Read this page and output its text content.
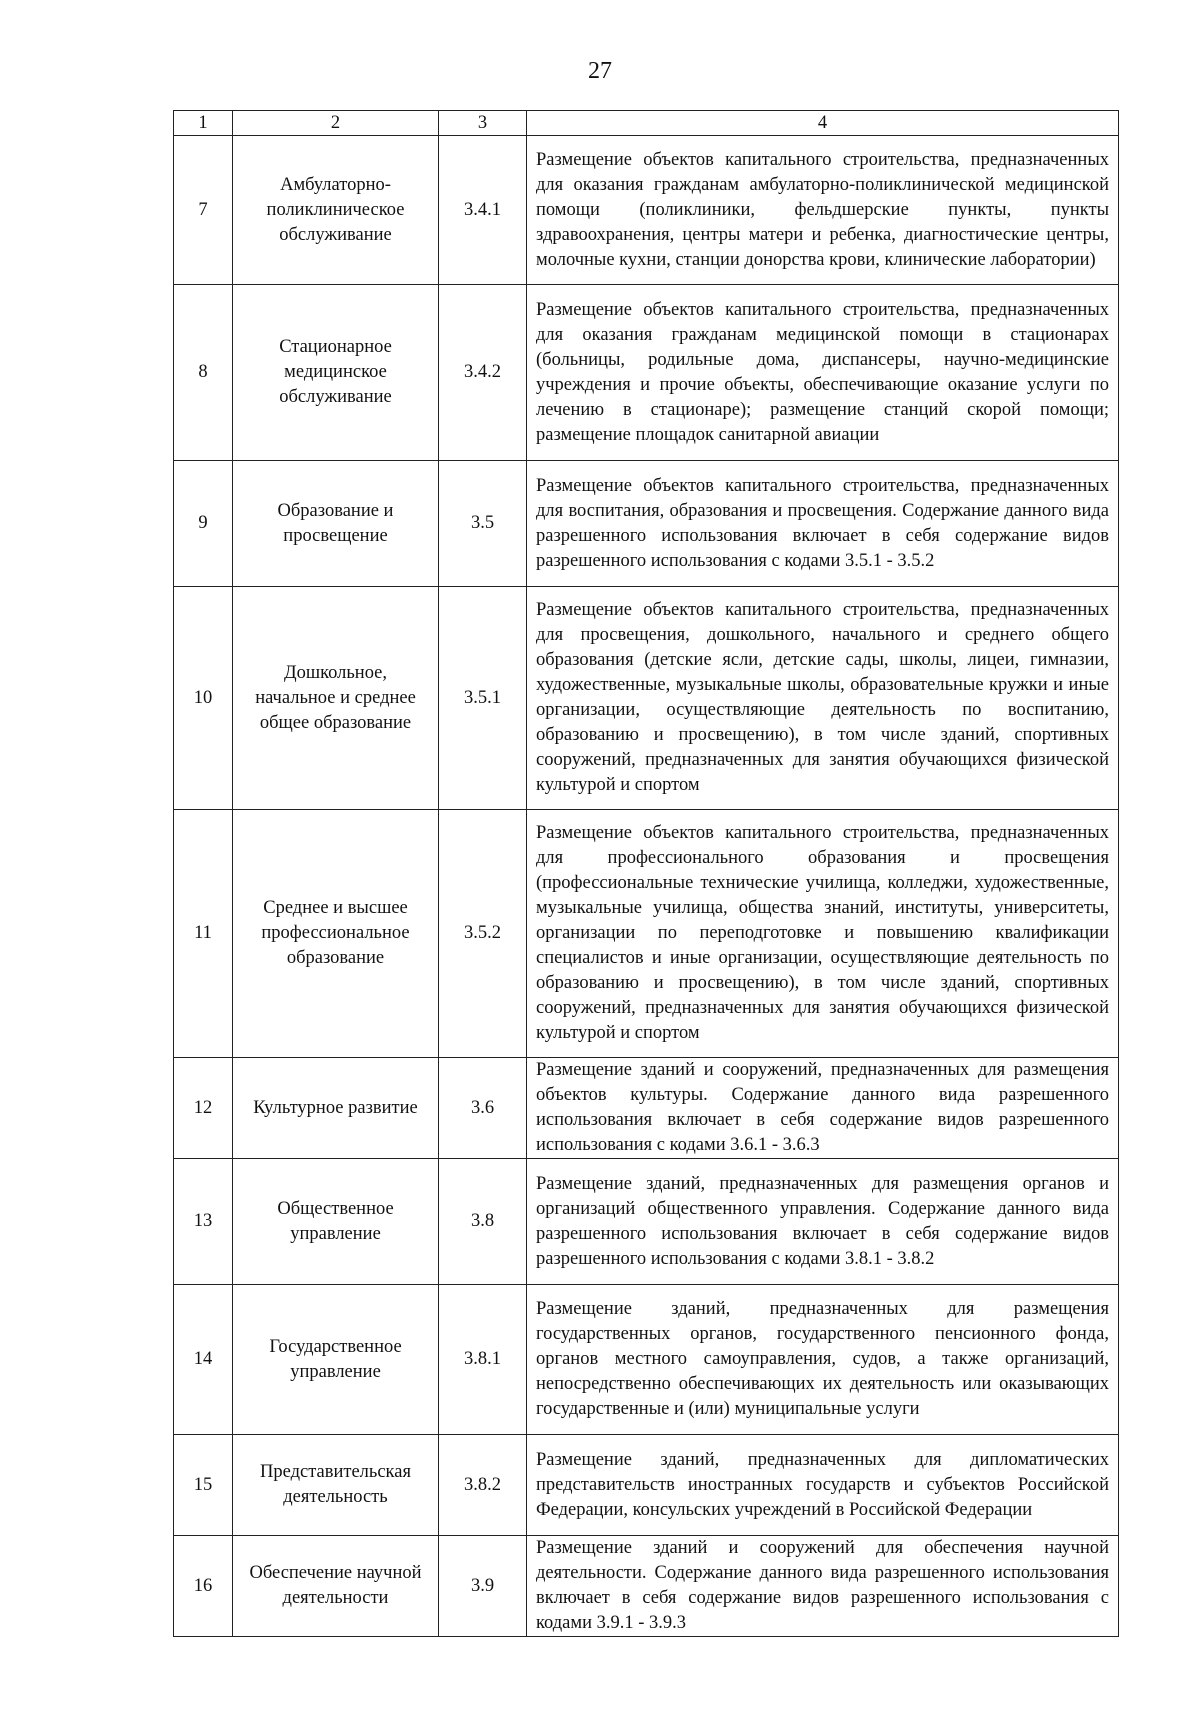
27
1	2	3	4
7	Амбулаторно-поликлиническое обслуживание	3.4.1	Размещение объектов капитального строительства, предназначенных для оказания гражданам амбулаторно-поликлинической медицинской помощи (поликлиники, фельдшерские пункты, пункты здравоохранения, центры матери и ребенка, диагностические центры, молочные кухни, станции донорства крови, клинические лаборатории)
8	Стационарное медицинское обслуживание	3.4.2	Размещение объектов капитального строительства, предназначенных для оказания гражданам медицинской помощи в стационарах (больницы, родильные дома, диспансеры, научно-медицинские учреждения и прочие объекты, обеспечивающие оказание услуги по лечению в стационаре); размещение станций скорой помощи; размещение площадок санитарной авиации
9	Образование и просвещение	3.5	Размещение объектов капитального строительства, предназначенных для воспитания, образования и просвещения. Содержание данного вида разрешенного использования включает в себя содержание видов разрешенного использования с кодами 3.5.1 - 3.5.2
10	Дошкольное, начальное и среднее общее образование	3.5.1	Размещение объектов капитального строительства, предназначенных для просвещения, дошкольного, начального и среднего общего образования (детские ясли, детские сады, школы, лицеи, гимназии, художественные, музыкальные школы, образовательные кружки и иные организации, осуществляющие деятельность по воспитанию, образованию и просвещению), в том числе зданий, спортивных сооружений, предназначенных для занятия обучающихся физической культурой и спортом
11	Среднее и высшее профессиональное образование	3.5.2	Размещение объектов капитального строительства, предназначенных для профессионального образования и просвещения (профессиональные технические училища, колледжи, художественные, музыкальные училища, общества знаний, институты, университеты, организации по переподготовке и повышению квалификации специалистов и иные организации, осуществляющие деятельность по образованию и просвещению), в том числе зданий, спортивных сооружений, предназначенных для занятия обучающихся физической культурой и спортом
12	Культурное развитие	3.6	Размещение зданий и сооружений, предназначенных для размещения объектов культуры. Содержание данного вида разрешенного использования включает в себя содержание видов разрешенного использования с кодами 3.6.1 - 3.6.3
13	Общественное управление	3.8	Размещение зданий, предназначенных для размещения органов и организаций общественного управления. Содержание данного вида разрешенного использования включает в себя содержание видов разрешенного использования с кодами 3.8.1 - 3.8.2
14	Государственное управление	3.8.1	Размещение зданий, предназначенных для размещения государственных органов, государственного пенсионного фонда, органов местного самоуправления, судов, а также организаций, непосредственно обеспечивающих их деятельность или оказывающих государственные и (или) муниципальные услуги
15	Представительская деятельность	3.8.2	Размещение зданий, предназначенных для дипломатических представительств иностранных государств и субъектов Российской Федерации, консульских учреждений в Российской Федерации
16	Обеспечение научной деятельности	3.9	Размещение зданий и сооружений для обеспечения научной деятельности. Содержание данного вида разрешенного использования включает в себя содержание видов разрешенного использования с кодами 3.9.1 - 3.9.3
